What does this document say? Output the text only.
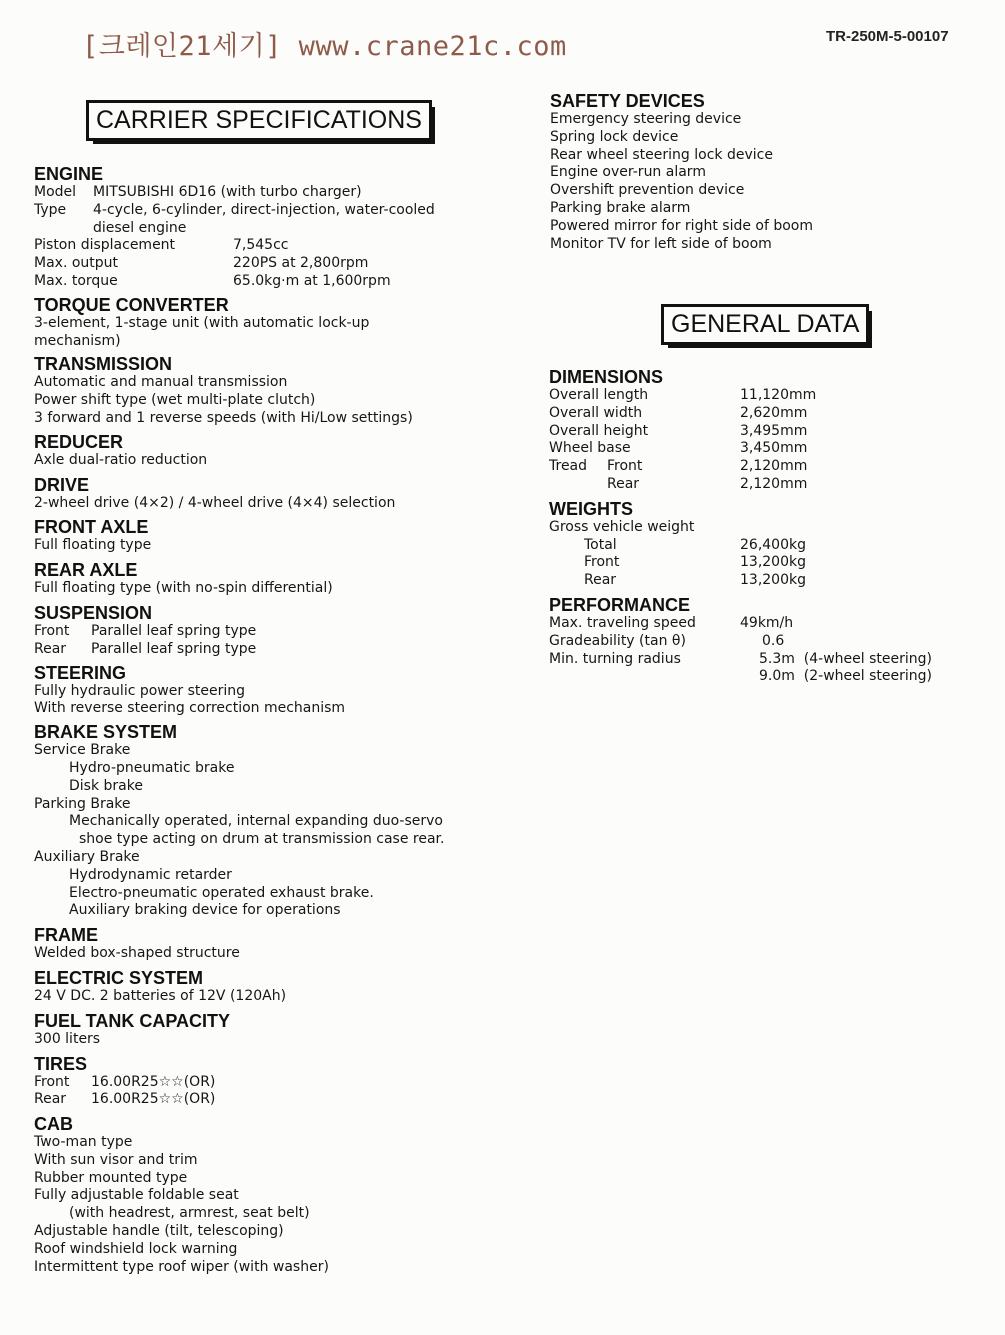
[크레인21세기] www.crane21c.com	TR-250M-5-00107
CARRIER SPECIFICATIONS
GENERAL DATA
ENGINE
Model	MITSUBISHI 6D16 (with turbo charger)
Type	4-cycle, 6-cylinder, direct-injection, water-cooled
diesel engine
Piston displacement	7,545cc
Max. output	220PS at 2,800rpm
Max. torque	65.0kg·m at 1,600rpm
TORQUE CONVERTER
3-element, 1-stage unit (with automatic lock-up
mechanism)
TRANSMISSION
Automatic and manual transmission
Power shift type (wet multi-plate clutch)
3 forward and 1 reverse speeds (with Hi/Low settings)
REDUCER
Axle dual-ratio reduction
DRIVE
2-wheel drive (4×2) / 4-wheel drive (4×4) selection
FRONT AXLE
Full floating type
REAR AXLE
Full floating type (with no-spin differential)
SUSPENSION
Front	Parallel leaf spring type
Rear	Parallel leaf spring type
STEERING
Fully hydraulic power steering
With reverse steering correction mechanism
BRAKE SYSTEM
Service Brake
Hydro-pneumatic brake
Disk brake
Parking Brake
Mechanically operated, internal expanding duo-servo
shoe type acting on drum at transmission case rear.
Auxiliary Brake
Hydrodynamic retarder
Electro-pneumatic operated exhaust brake.
Auxiliary braking device for operations
FRAME
Welded box-shaped structure
ELECTRIC SYSTEM
24 V DC. 2 batteries of 12V (120Ah)
FUEL TANK CAPACITY
300 liters
TIRES
Front	16.00R25☆☆(OR)
Rear	16.00R25☆☆(OR)
CAB
Two-man type
With sun visor and trim
Rubber mounted type
Fully adjustable foldable seat
(with headrest, armrest, seat belt)
Adjustable handle (tilt, telescoping)
Roof windshield lock warning
Intermittent type roof wiper (with washer)
SAFETY DEVICES
Emergency steering device
Spring lock device
Rear wheel steering lock device
Engine over-run alarm
Overshift prevention device
Parking brake alarm
Powered mirror for right side of boom
Monitor TV for left side of boom
DIMENSIONS
Overall length	11,120mm
Overall width	2,620mm
Overall height	3,495mm
Wheel base	3,450mm
Tread	Front	2,120mm
Rear	2,120mm
WEIGHTS
Gross vehicle weight
Total	26,400kg
Front	13,200kg
Rear	13,200kg
PERFORMANCE
Max. traveling speed	49km/h
Gradeability (tan θ)	0.6
Min. turning radius	5.3m  (4-wheel steering)
9.0m  (2-wheel steering)
